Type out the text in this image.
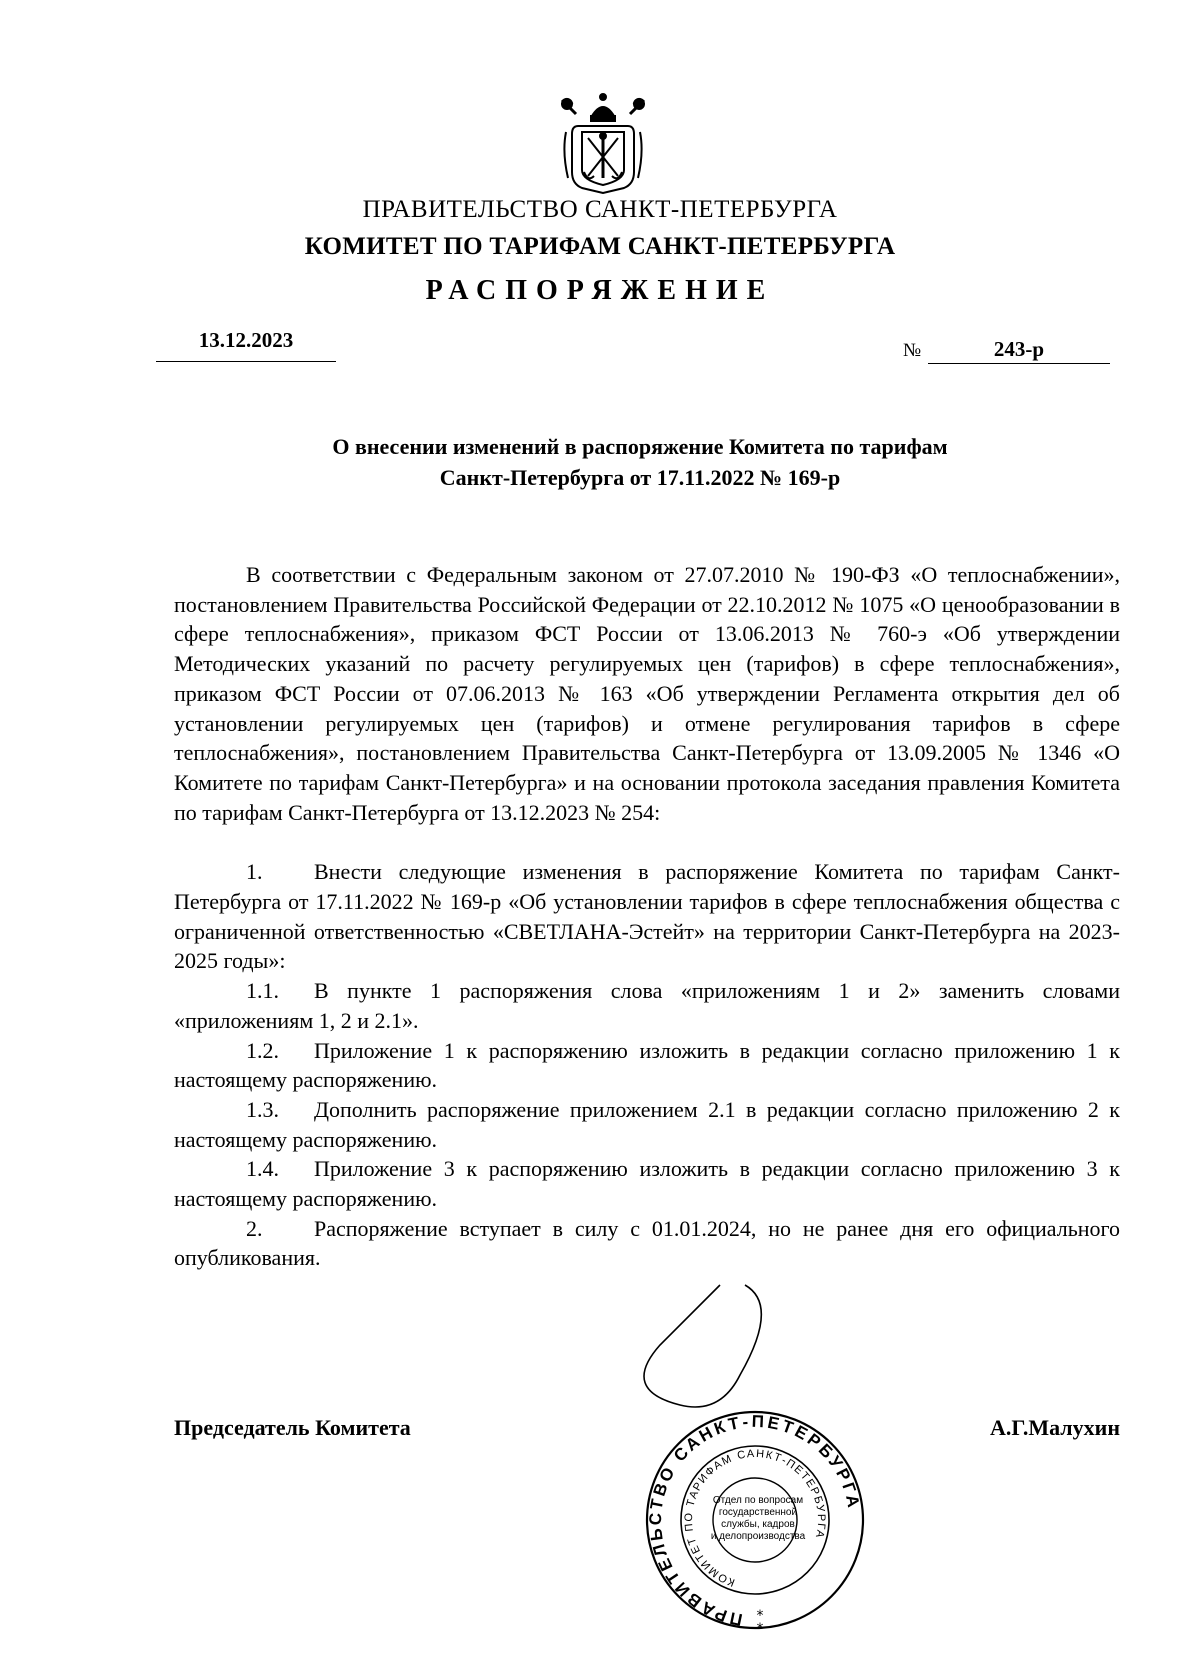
ПРАВИТЕЛЬСТВО САНКТ-ПЕТЕРБУРГА
КОМИТЕТ ПО ТАРИФАМ САНКТ-ПЕТЕРБУРГА
РАСПОРЯЖЕНИЕ
13.12.2023	№	243-р
О внесении изменений в распоряжение Комитета по тарифам
Санкт-Петербурга от 17.11.2022 № 169-р
В соответствии с Федеральным законом от 27.07.2010 № 190-ФЗ «О теплоснабжении», постановлением Правительства Российской Федерации от 22.10.2012 № 1075 «О ценообразовании в сфере теплоснабжения», приказом ФСТ России от 13.06.2013 № 760-э «Об утверждении Методических указаний по расчету регулируемых цен (тарифов) в сфере теплоснабжения», приказом ФСТ России от 07.06.2013 № 163 «Об утверждении Регламента открытия дел об установлении регулируемых цен (тарифов) и отмене регулирования тарифов в сфере теплоснабжения», постановлением Правительства Санкт-Петербурга от 13.09.2005 № 1346 «О Комитете по тарифам Санкт-Петербурга» и на основании протокола заседания правления Комитета по тарифам Санкт-Петербурга от 13.12.2023 № 254:
1. Внести следующие изменения в распоряжение Комитета по тарифам Санкт-Петербурга от 17.11.2022 № 169-р «Об установлении тарифов в сфере теплоснабжения общества с ограниченной ответственностью «СВЕТЛАНА-Эстейт» на территории Санкт-Петербурга на 2023-2025 годы»:
1.1. В пункте 1 распоряжения слова «приложениям 1 и 2» заменить словами «приложениям 1, 2 и 2.1».
1.2. Приложение 1 к распоряжению изложить в редакции согласно приложению 1 к настоящему распоряжению.
1.3. Дополнить распоряжение приложением 2.1 в редакции согласно приложению 2 к настоящему распоряжению.
1.4. Приложение 3 к распоряжению изложить в редакции согласно приложению 3 к настоящему распоряжению.
2. Распоряжение вступает в силу с 01.01.2024, но не ранее дня его официального опубликования.
ПРАВИТЕЛЬСТВО САНКТ-ПЕТЕРБУРГА
КОМИТЕТ ПО ТАРИФАМ САНКТ-ПЕТЕРБУРГА
Отдел по вопросам
государственной
службы, кадров
и делопроизводства
*
*
Председатель Комитета	А.Г.Малухин
